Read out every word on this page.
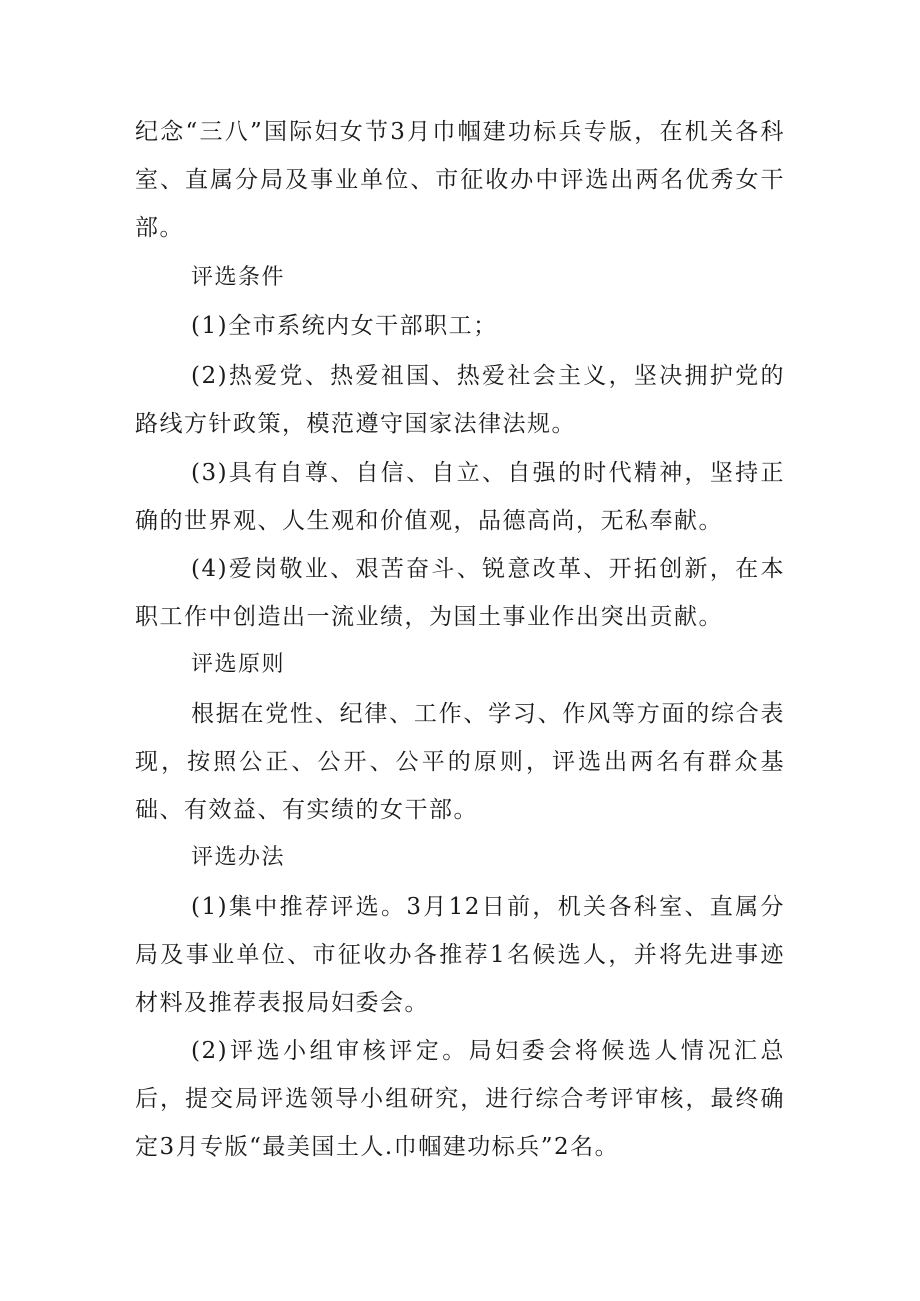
纪念“三八”国际妇女节3月巾帼建功标兵专版，在机关各科室、直属分局及事业单位、市征收办中评选出两名优秀女干部。

评选条件

(1)全市系统内女干部职工；

(2)热爱党、热爱祖国、热爱社会主义，坚决拥护党的路线方针政策，模范遵守国家法律法规。

(3)具有自尊、自信、自立、自强的时代精神，坚持正确的世界观、人生观和价值观，品德高尚，无私奉献。

(4)爱岗敬业、艰苦奋斗、锐意改革、开拓创新，在本职工作中创造出一流业绩，为国土事业作出突出贡献。

评选原则

根据在党性、纪律、工作、学习、作风等方面的综合表现，按照公正、公开、公平的原则，评选出两名有群众基础、有效益、有实绩的女干部。

评选办法

(1)集中推荐评选。3月12日前，机关各科室、直属分局及事业单位、市征收办各推荐1名候选人，并将先进事迹材料及推荐表报局妇委会。

(2)评选小组审核评定。局妇委会将候选人情况汇总后，提交局评选领导小组研究，进行综合考评审核，最终确定3月专版“最美国土人.巾帼建功标兵”2名。
